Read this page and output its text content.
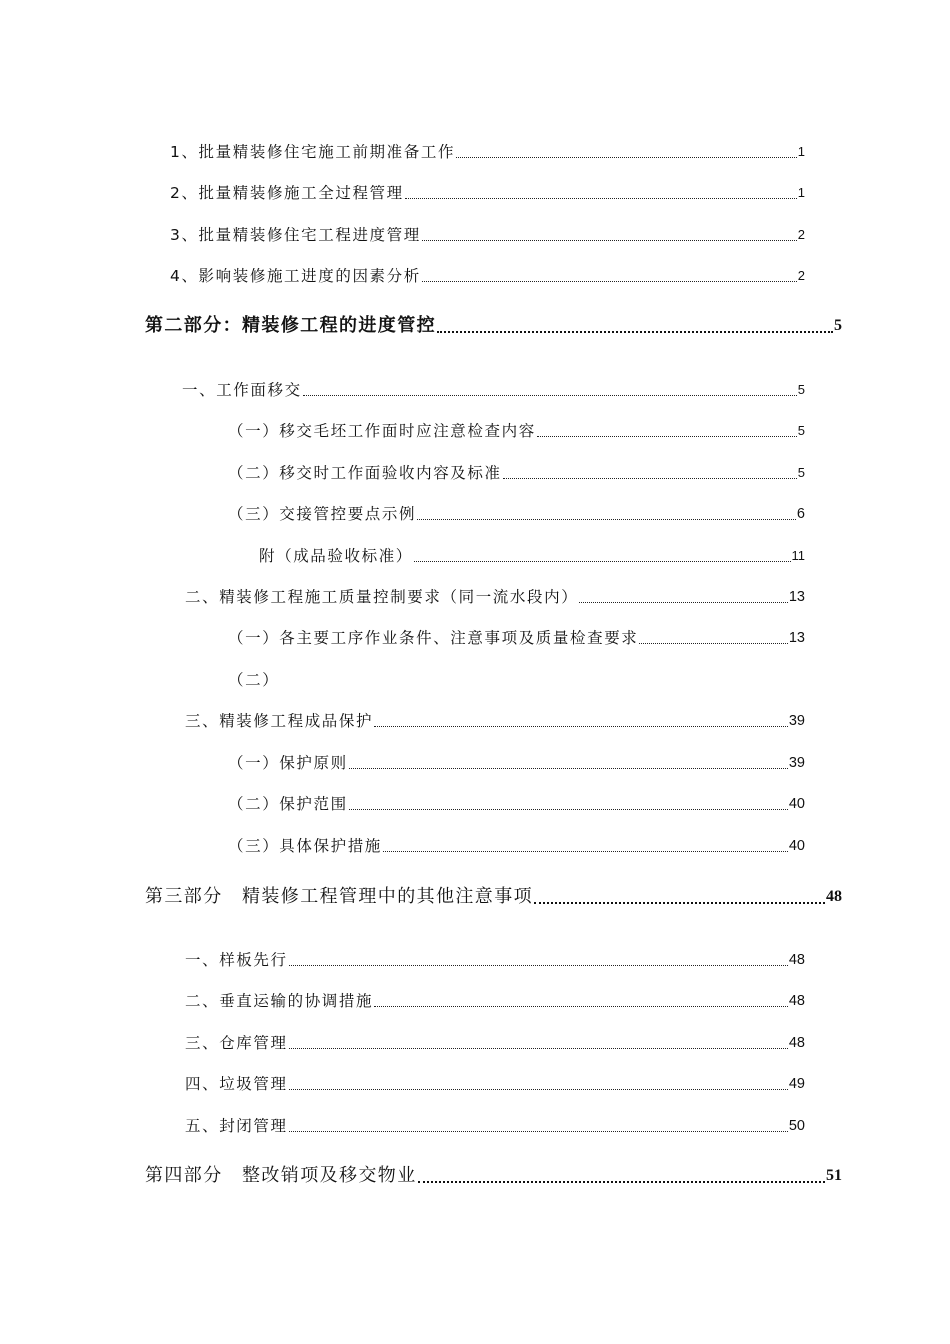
1、批量精装修住宅施工前期准备工作	1
2、批量精装修施工全过程管理	1
3、批量精装修住宅工程进度管理	2
4、影响装修施工进度的因素分析	2
第二部分：精装修工程的进度管控	5
一、工作面移交	5
（一）移交毛坯工作面时应注意检查内容	5
（二）移交时工作面验收内容及标准	5
（三）交接管控要点示例	6
附（成品验收标准）	11
二、精装修工程施工质量控制要求（同一流水段内）	13
（一）各主要工序作业条件、注意事项及质量检查要求	13
（二）
三、精装修工程成品保护	39
（一）保护原则	39
（二）保护范围	40
（三）具体保护措施	40
第三部分　精装修工程管理中的其他注意事项	48
一、样板先行	48
二、垂直运输的协调措施	48
三、仓库管理	48
四、垃圾管理	49
五、封闭管理	50
第四部分　整改销项及移交物业	51
